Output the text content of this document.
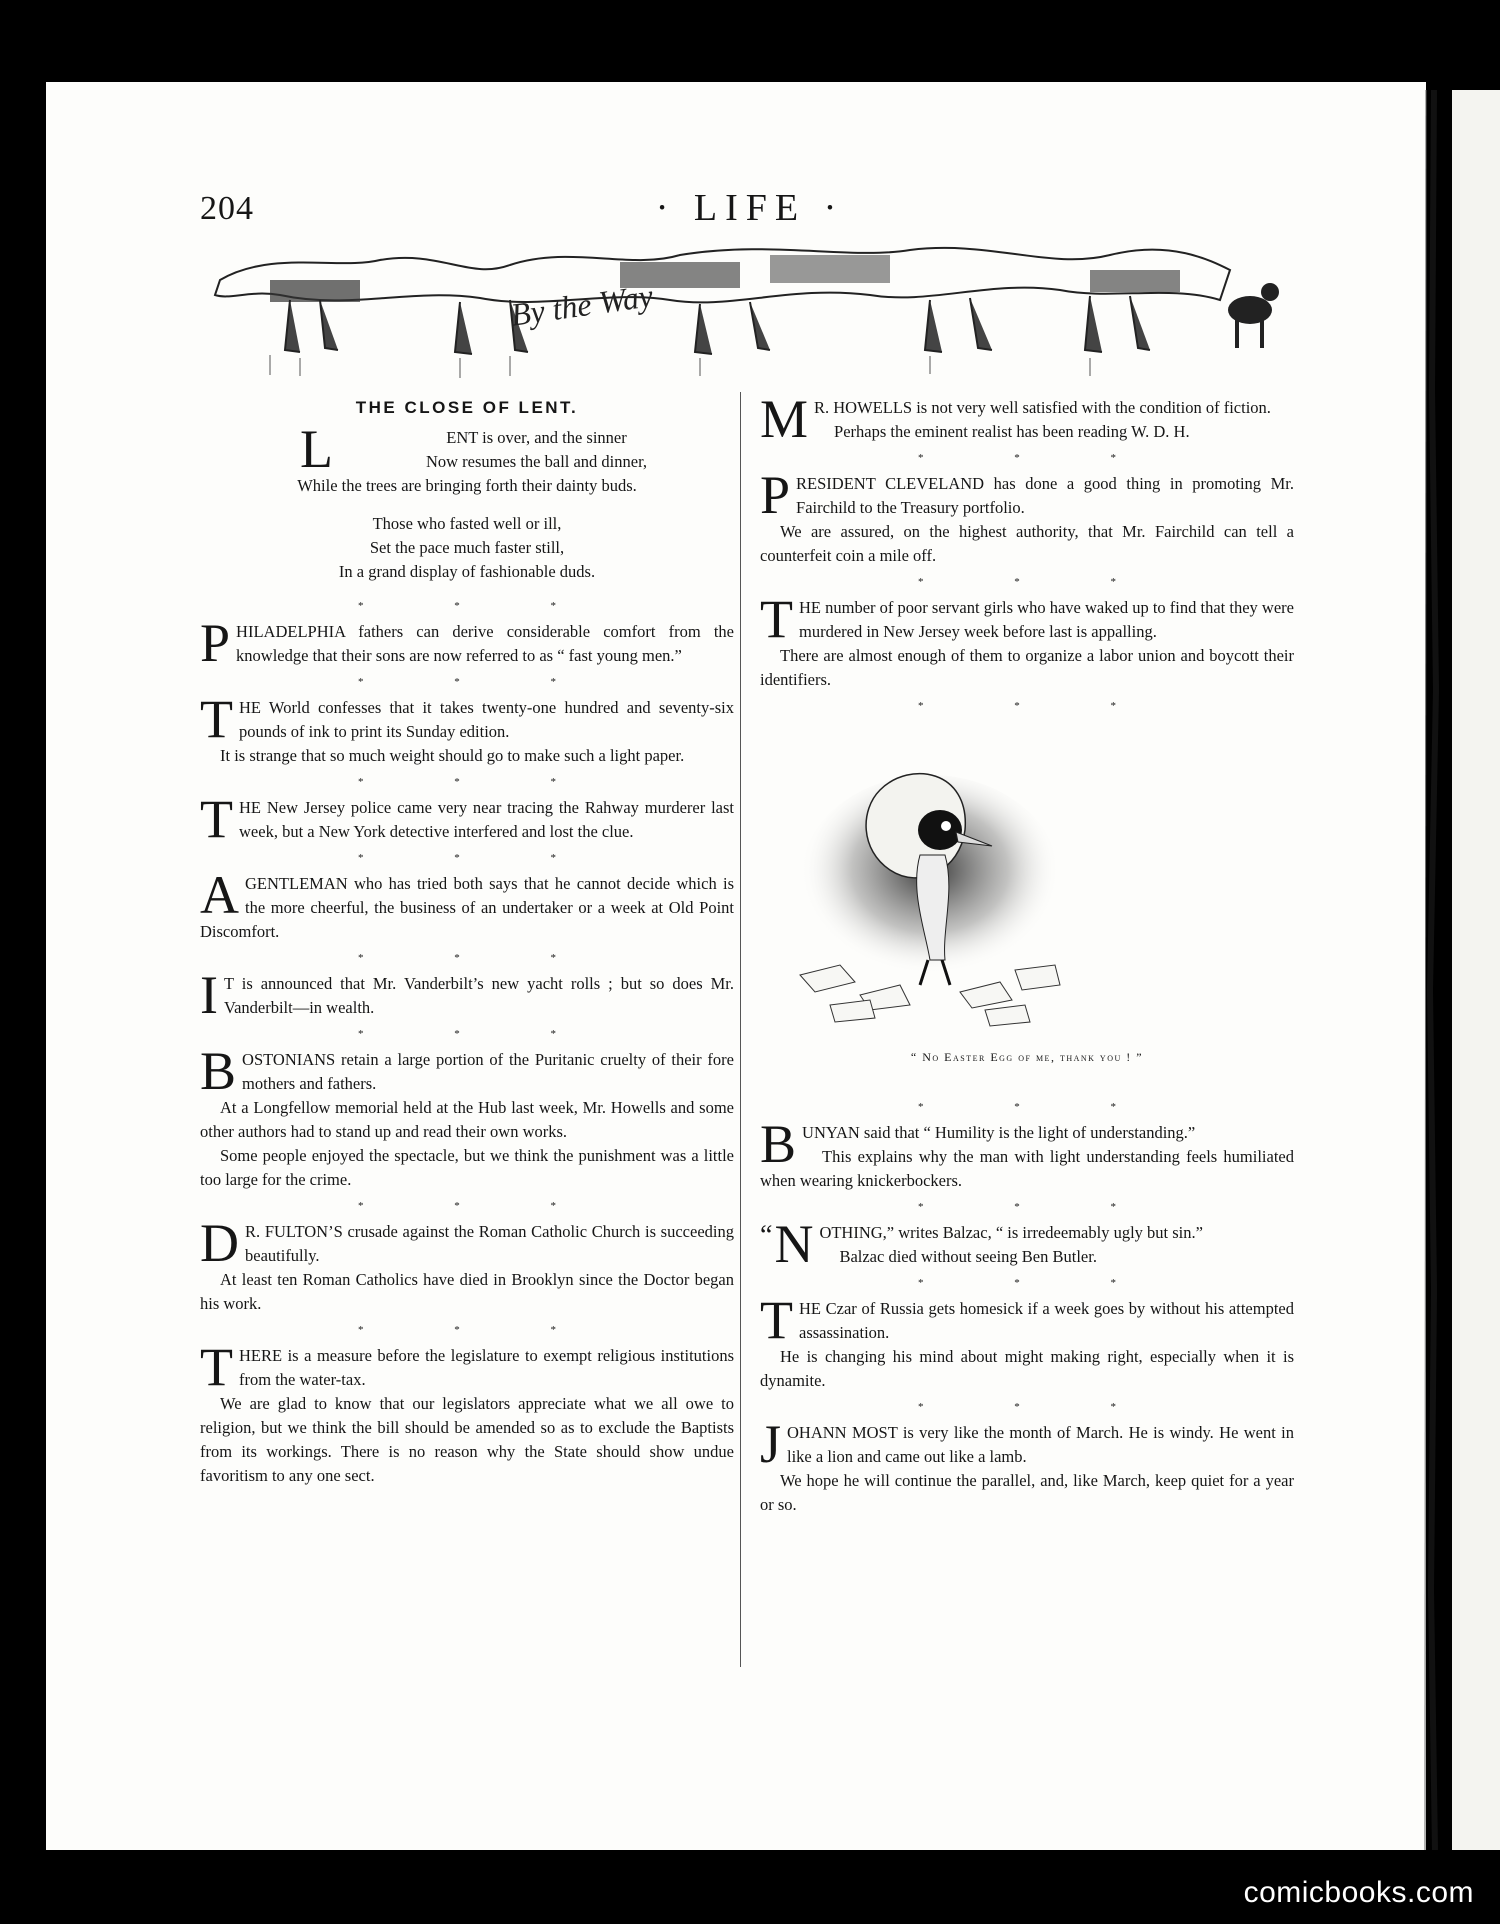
204	· LIFE ·
By the Way
THE CLOSE OF LENT.
L	ENT is over, and the sinner
Now resumes the ball and dinner,
While the trees are bringing forth their dainty buds.
Those who fasted well or ill,
Set the pace much faster still,
In a grand display of fashionable duds.
* * *
P HILADELPHIA fathers can derive considerable comfort from the knowledge that their sons are now referred to as “ fast young men.”

* * *
T HE World confesses that it takes twenty-one hundred and seventy-six pounds of ink to print its Sunday edition.

It is strange that so much weight should go to make such a light paper.

* * *
T HE New Jersey police came very near tracing the Rahway murderer last week, but a New York detective interfered and lost the clue.

* * *
A GENTLEMAN who has tried both says that he cannot decide which is the more cheerful, the business of an undertaker or a week at Old Point Discomfort.

* * *
I T is announced that Mr. Vanderbilt’s new yacht rolls ; but so does Mr. Vanderbilt—in wealth.

* * *
B OSTONIANS retain a large portion of the Puritanic cruelty of their fore mothers and fathers.

At a Longfellow memorial held at the Hub last week, Mr. Howells and some other authors had to stand up and read their own works.

Some people enjoyed the spectacle, but we think the punishment was a little too large for the crime.

* * *
D R. FULTON’S crusade against the Roman Catholic Church is succeeding beautifully.

At least ten Roman Catholics have died in Brooklyn since the Doctor began his work.

* * *
T HERE is a measure before the legislature to exempt religious institutions from the water-tax.

We are glad to know that our legislators appreciate what we all owe to religion, but we think the bill should be amended so as to exclude the Baptists from its workings. There is no reason why the State should show undue favoritism to any one sect.

M R. HOWELLS is not very well satisfied with the condition of fiction.

Perhaps the eminent realist has been reading W. D. H.

* * *
P RESIDENT CLEVELAND has done a good thing in promoting Mr. Fairchild to the Treasury portfolio.

We are assured, on the highest authority, that Mr. Fairchild can tell a counterfeit coin a mile off.

* * *
T HE number of poor servant girls who have waked up to find that they were murdered in New Jersey week before last is appalling.

There are almost enough of them to organize a labor union and boycott their identifiers.

* * *
“ No Easter Egg of me, thank you ! ”
* * *
B UNYAN said that “ Humility is the light of understanding.”

This explains why the man with light understanding feels humiliated when wearing knickerbockers.

* * *
“ N OTHING,” writes Balzac, “ is irredeemably ugly but sin.”

Balzac died without seeing Ben Butler.

* * *
T HE Czar of Russia gets homesick if a week goes by without his attempted assassination.

He is changing his mind about might making right, especially when it is dynamite.

* * *
J OHANN MOST is very like the month of March. He is windy. He went in like a lion and came out like a lamb.

We hope he will continue the parallel, and, like March, keep quiet for a year or so.

comicbooks.com
